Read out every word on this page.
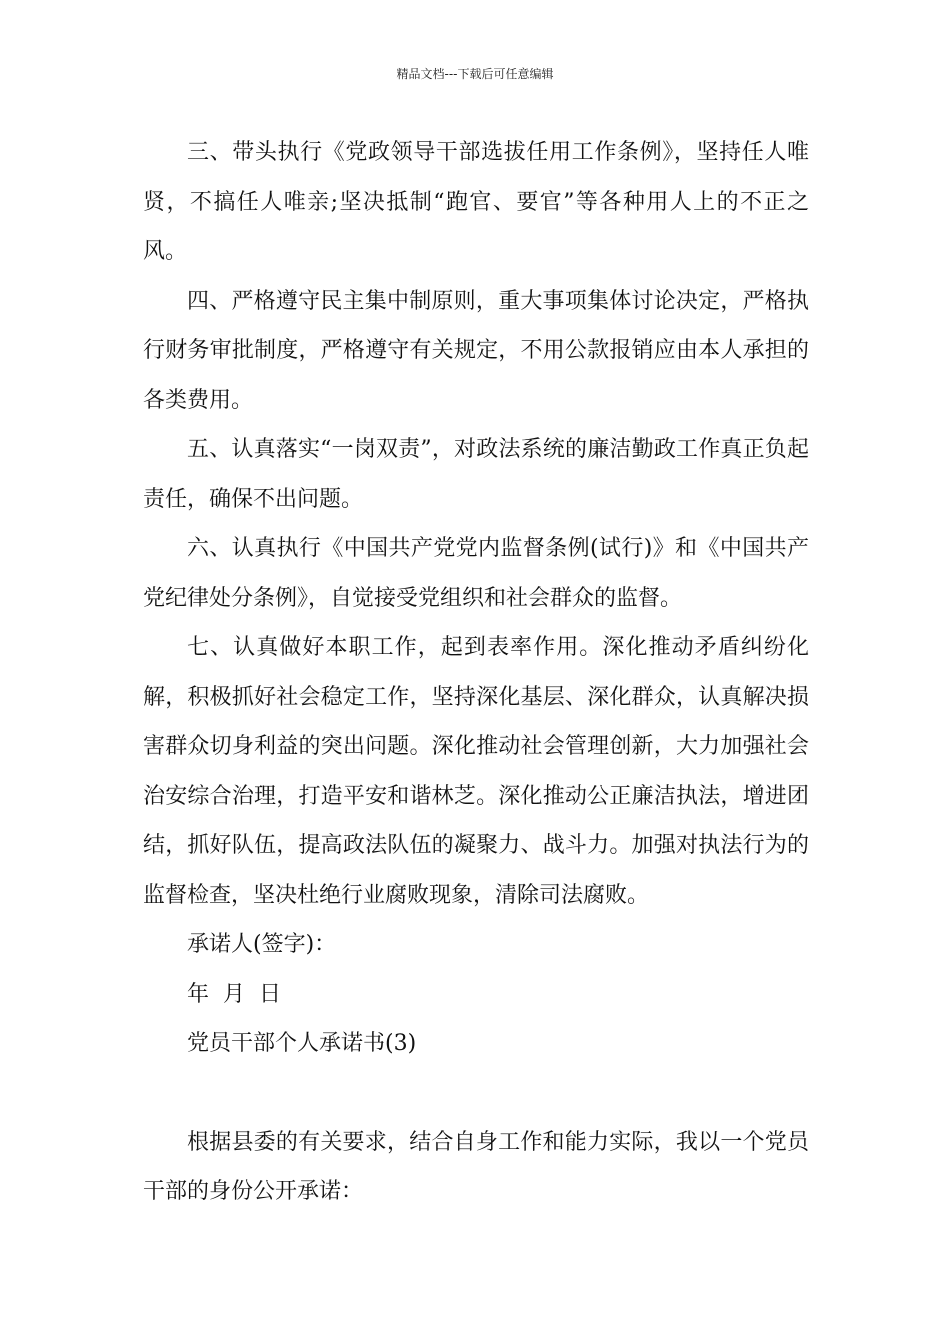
精品文档---下载后可任意编辑

三、带头执行《党政领导干部选拔任用工作条例》，坚持任人唯贤，不搞任人唯亲;坚决抵制“跑官、要官”等各种用人上的不正之风。

四、严格遵守民主集中制原则，重大事项集体讨论决定，严格执行财务审批制度，严格遵守有关规定，不用公款报销应由本人承担的各类费用。

五、认真落实“一岗双责”，对政法系统的廉洁勤政工作真正负起责任，确保不出问题。

六、认真执行《中国共产党党内监督条例(试行)》和《中国共产党纪律处分条例》，自觉接受党组织和社会群众的监督。

七、认真做好本职工作，起到表率作用。深化推动矛盾纠纷化解，积极抓好社会稳定工作，坚持深化基层、深化群众，认真解决损害群众切身利益的突出问题。深化推动社会管理创新，大力加强社会治安综合治理，打造平安和谐林芝。深化推动公正廉洁执法，增进团结，抓好队伍，提高政法队伍的凝聚力、战斗力。加强对执法行为的监督检查，坚决杜绝行业腐败现象，清除司法腐败。

承诺人(签字)：

年  月  日

党员干部个人承诺书(3)

根据县委的有关要求，结合自身工作和能力实际，我以一个党员干部的身份公开承诺：
